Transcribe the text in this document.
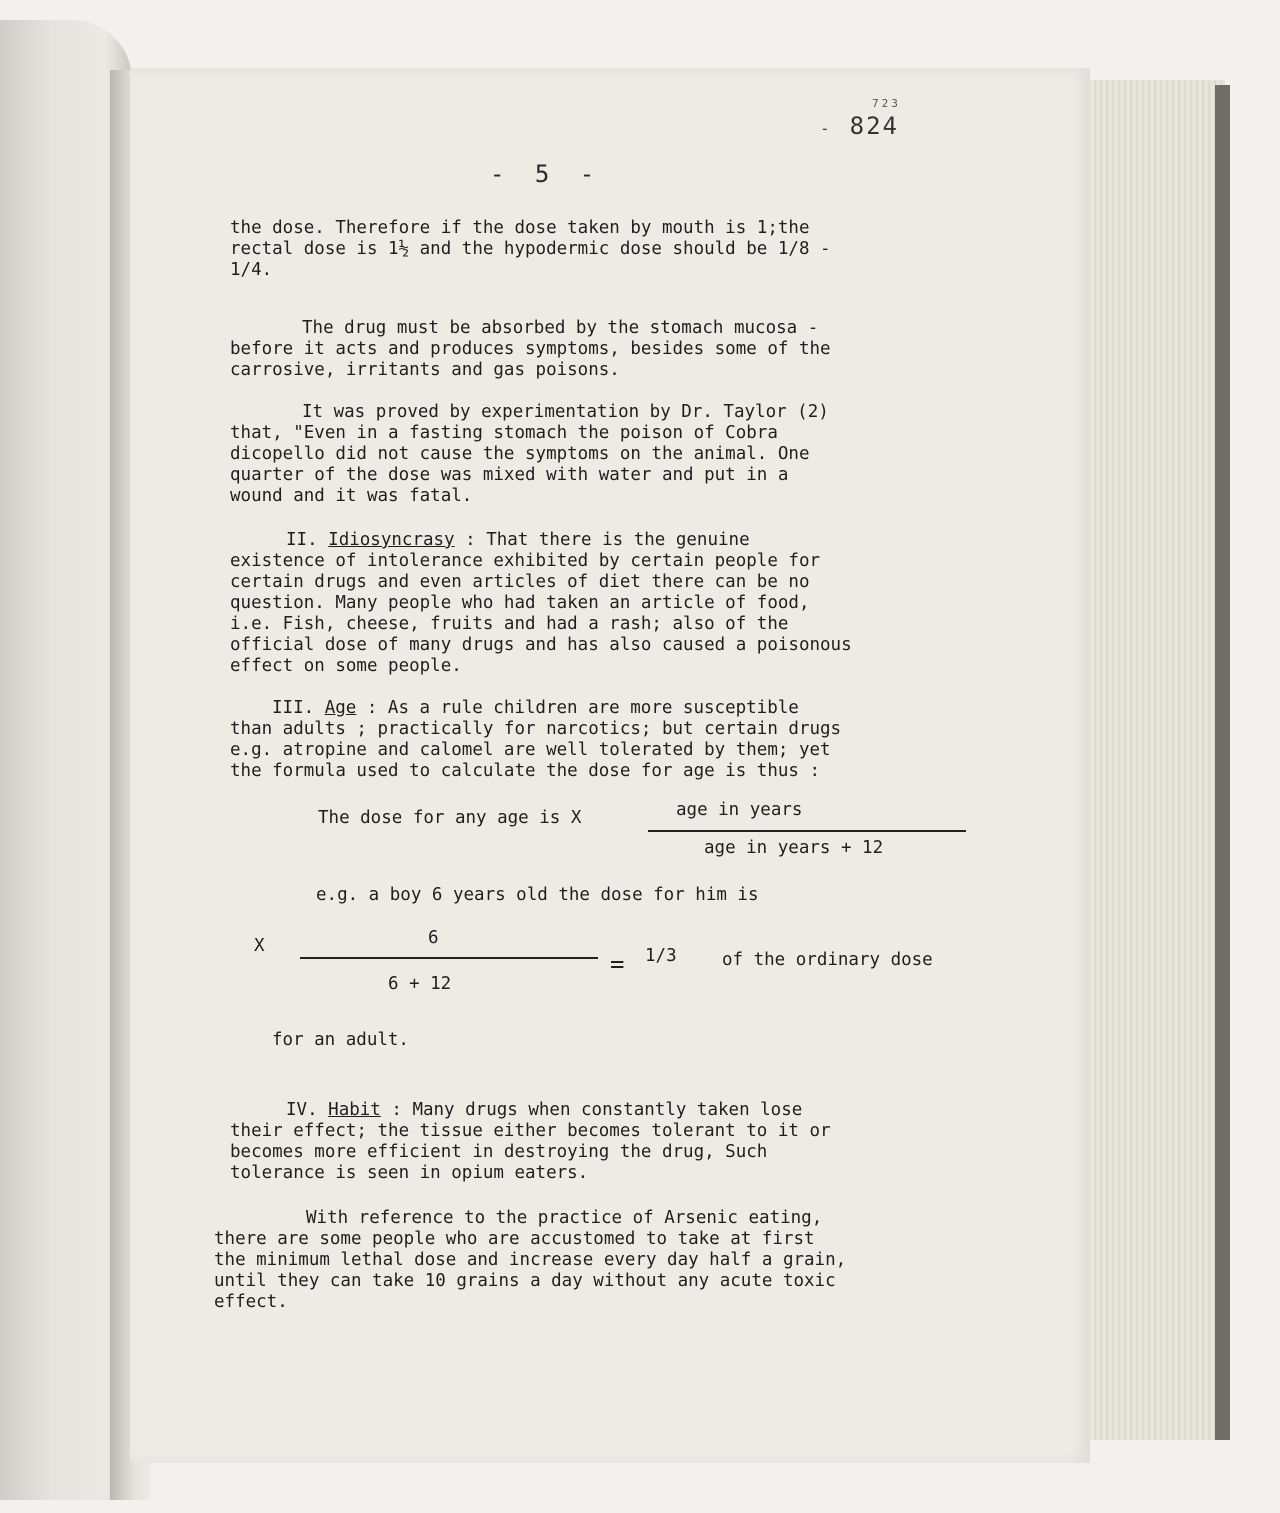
723
- 824
- 5 -
the dose. Therefore if the dose taken by mouth is 1;the
rectal dose is 1½ and the hypodermic dose should be 1/8 -
1/4.
The drug must be absorbed by the stomach mucosa -
before it acts and produces symptoms, besides some of the
carrosive, irritants and gas poisons.
It was proved by experimentation by Dr. Taylor (2)
that, "Even in a fasting stomach the poison of Cobra
dicopello did not cause the symptoms on the animal. One
quarter of the dose was mixed with water and put in a
wound and it was fatal.
II. Idiosyncrasy : That there is the genuine
existence of intolerance exhibited by certain people for
certain drugs and even articles of diet there can be no
question. Many people who had taken an article of food,
i.e. Fish, cheese, fruits and had a rash; also of the
official dose of many drugs and has also caused a poisonous
effect on some people.
III. Age : As a rule children are more susceptible
than adults ; practically for narcotics; but certain drugs
e.g. atropine and calomel are well tolerated by them; yet
the formula used to calculate the dose for age is thus :
The dose for any age is X	age in years
age in years + 12
e.g. a boy 6 years old the dose for him is
X	6
6 + 12
= 1/3	of the ordinary dose
for an adult.
IV. Habit : Many drugs when constantly taken lose
their effect; the tissue either becomes tolerant to it or
becomes more efficient in destroying the drug, Such
tolerance is seen in opium eaters.
With reference to the practice of Arsenic eating,
there are some people who are accustomed to take at first
the minimum lethal dose and increase every day half a grain,
until they can take 10 grains a day without any acute toxic
effect.
